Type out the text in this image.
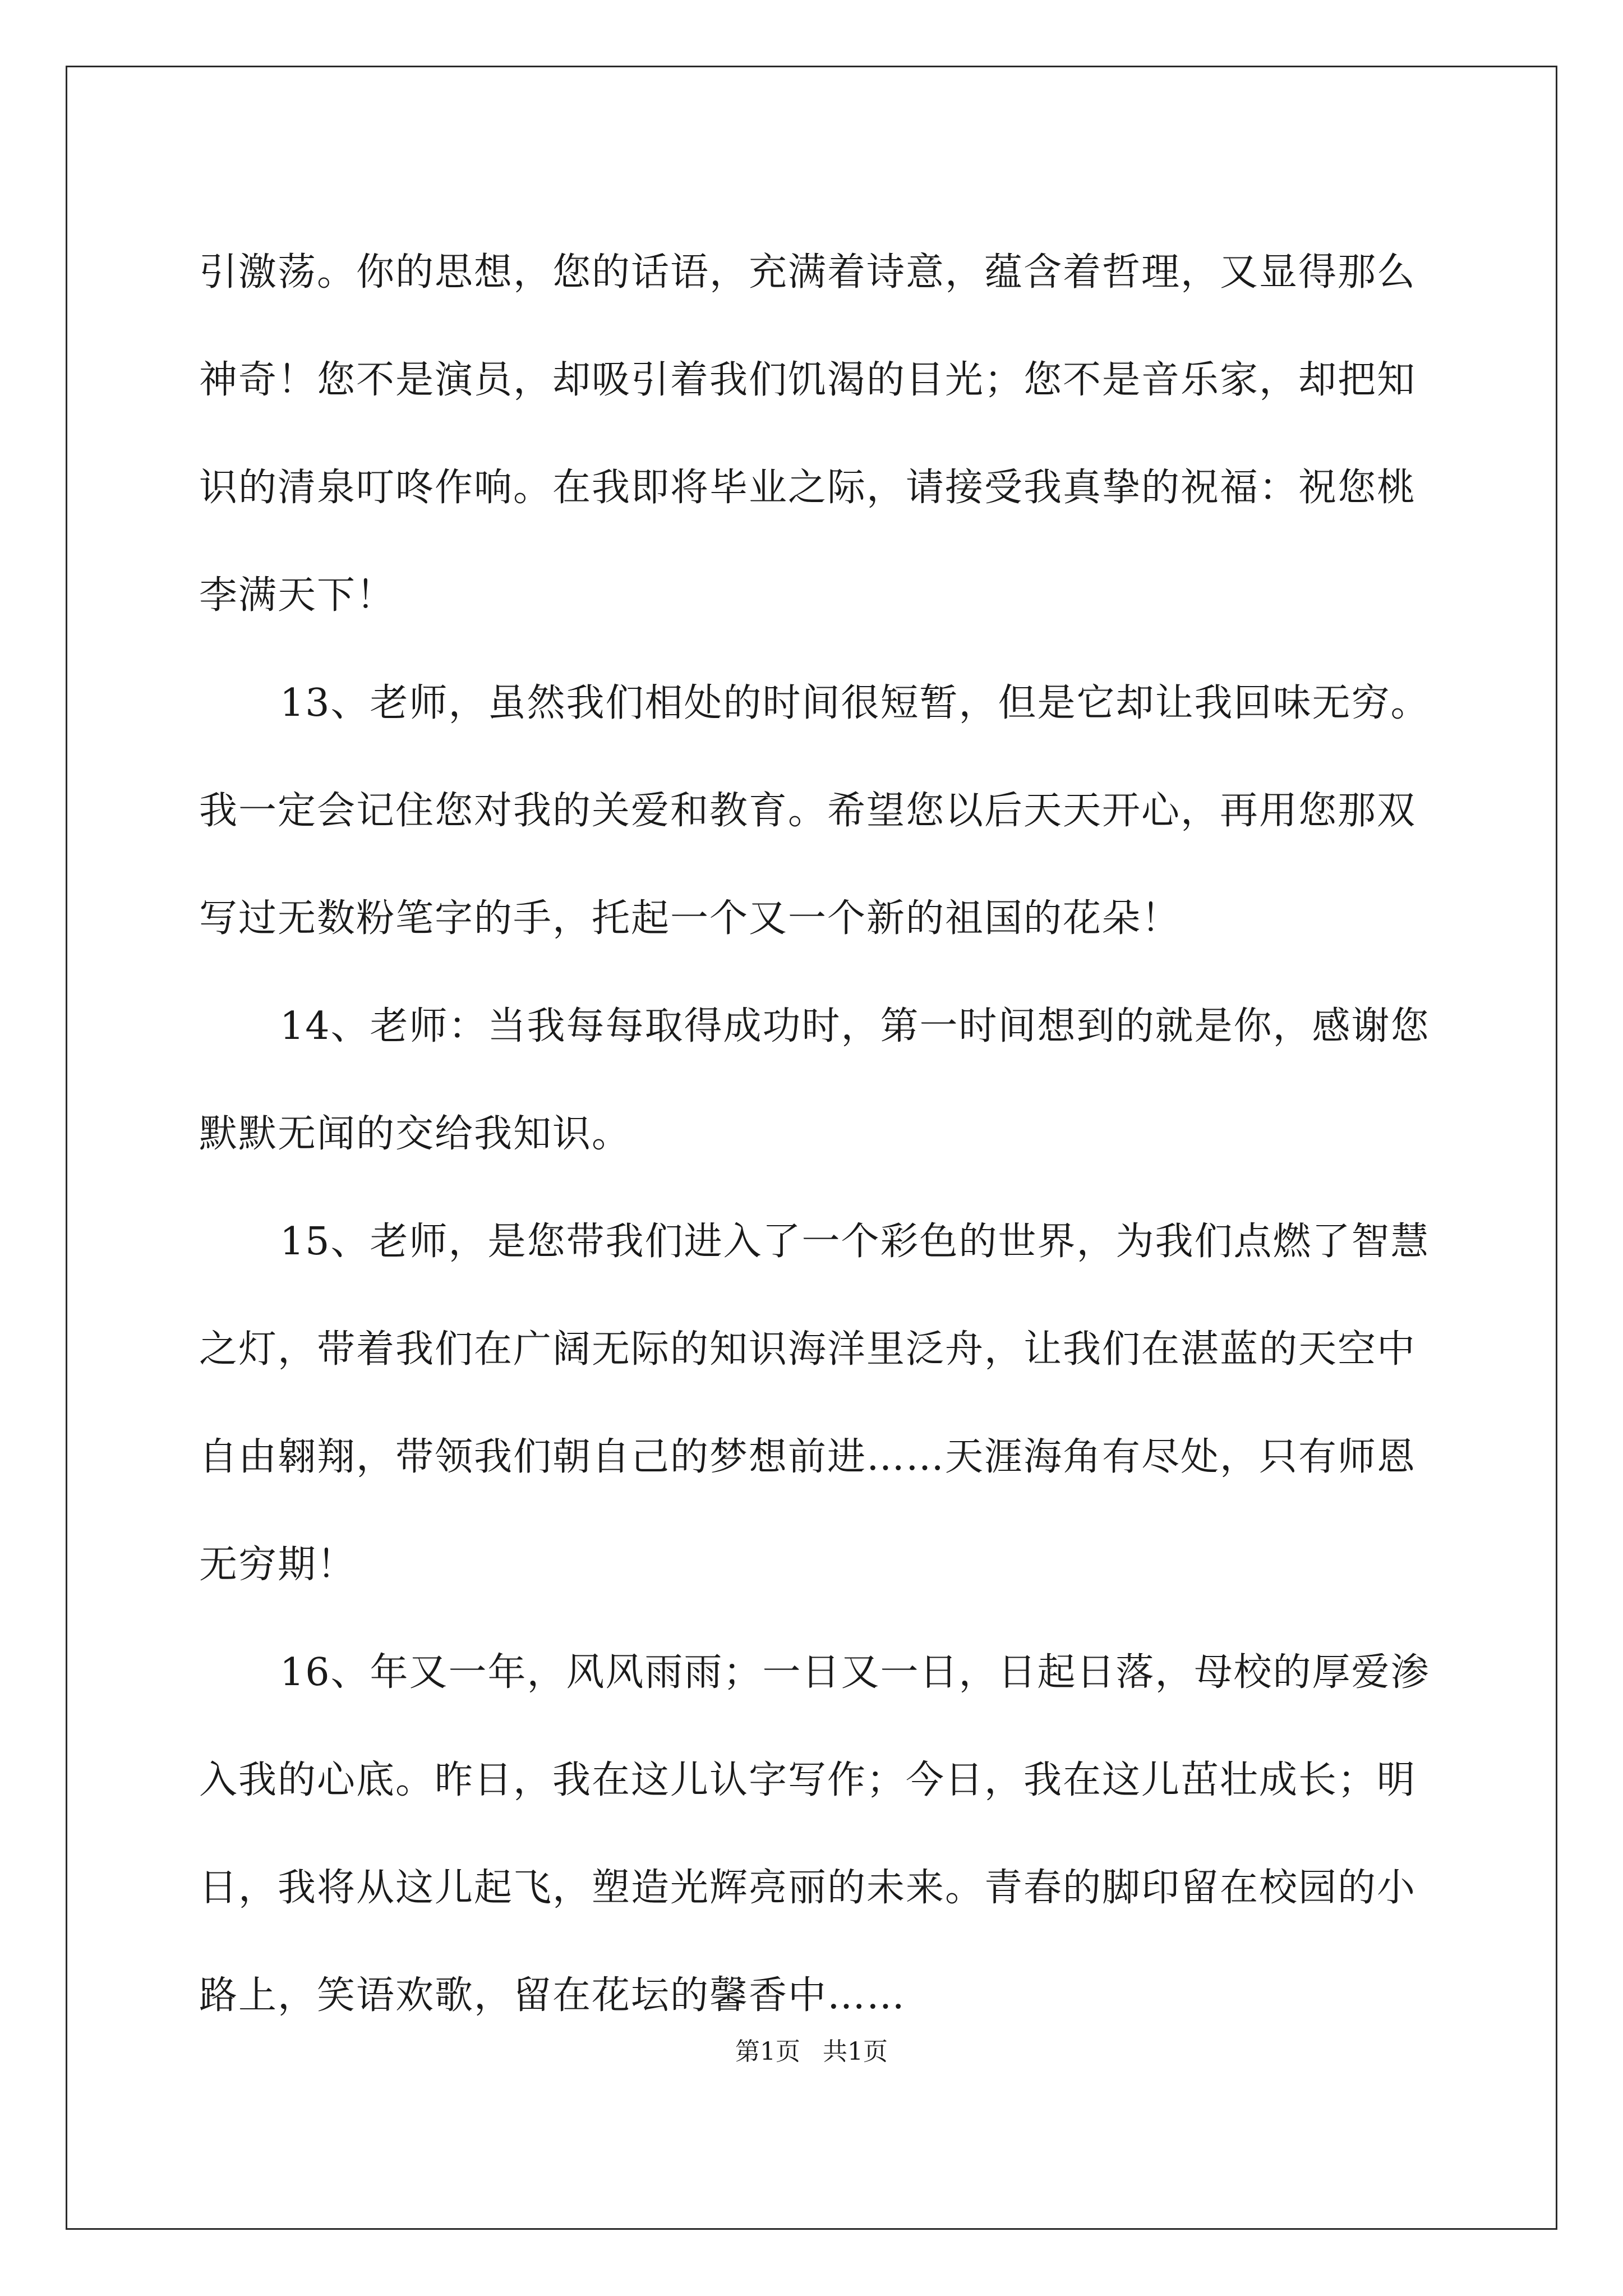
引激荡。你的思想，您的话语，充满着诗意，蕴含着哲理，又显得那么神奇！您不是演员，却吸引着我们饥渴的目光；您不是音乐家，却把知识的清泉叮咚作响。在我即将毕业之际，请接受我真挚的祝福：祝您桃李满天下！

13、老师，虽然我们相处的时间很短暂，但是它却让我回味无穷。我一定会记住您对我的关爱和教育。希望您以后天天开心，再用您那双写过无数粉笔字的手，托起一个又一个新的祖国的花朵！

14、老师：当我每每取得成功时，第一时间想到的就是你，感谢您默默无闻的交给我知识。

15、老师，是您带我们进入了一个彩色的世界，为我们点燃了智慧之灯，带着我们在广阔无际的知识海洋里泛舟，让我们在湛蓝的天空中自由翱翔，带领我们朝自己的梦想前进……天涯海角有尽处，只有师恩无穷期！

16、年又一年，风风雨雨；一日又一日，日起日落，母校的厚爱渗入我的心底。昨日，我在这儿认字写作；今日，我在这儿茁壮成长；明日，我将从这儿起飞，塑造光辉亮丽的未来。青春的脚印留在校园的小路上，笑语欢歌，留在花坛的馨香中……

第1页 共1页
